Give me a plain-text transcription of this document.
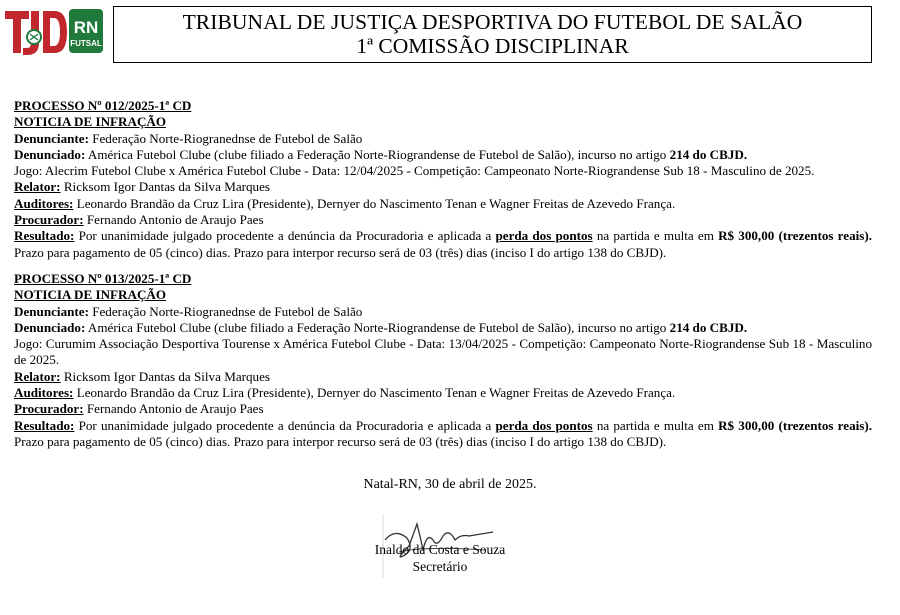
RN
FUTSAL
TRIBUNAL DE JUSTIÇA DESPORTIVA DO FUTEBOL DE SALÃO
1ª COMISSÃO DISCIPLINAR

PROCESSO Nº 012/2025-1ª CD

NOTICIA DE INFRAÇÃO

Denunciante: Federação Norte-Riogranednse de Futebol de Salão

Denunciado: América Futebol Clube (clube filiado a Federação Norte-Riograndense de Futebol de Salão), incurso no artigo 214 do CBJD.

Jogo: Alecrim Futebol Clube x América Futebol Clube - Data: 12/04/2025 - Competição: Campeonato Norte-Riograndense Sub 18 - Masculino de 2025.

Relator: Ricksom Igor Dantas da Silva Marques

Auditores: Leonardo Brandão da Cruz Lira (Presidente), Dernyer do Nascimento Tenan e Wagner Freitas de Azevedo França.

Procurador: Fernando Antonio de Araujo Paes

Resultado: Por unanimidade julgado procedente a denúncia da Procuradoria e aplicada a perda dos pontos na partida e multa em R$ 300,00 (trezentos reais). Prazo para pagamento de 05 (cinco) dias. Prazo para interpor recurso será de 03 (três) dias (inciso I do artigo 138 do CBJD).

PROCESSO Nº 013/2025-1ª CD

NOTICIA DE INFRAÇÃO

Denunciante: Federação Norte-Riogranednse de Futebol de Salão

Denunciado: América Futebol Clube (clube filiado a Federação Norte-Riograndense de Futebol de Salão), incurso no artigo 214 do CBJD.

Jogo: Curumim Associação Desportiva Tourense x América Futebol Clube - Data: 13/04/2025 - Competição: Campeonato Norte-Riograndense Sub 18 - Masculino de 2025.

Relator: Ricksom Igor Dantas da Silva Marques

Auditores: Leonardo Brandão da Cruz Lira (Presidente), Dernyer do Nascimento Tenan e Wagner Freitas de Azevedo França.

Procurador: Fernando Antonio de Araujo Paes

Resultado: Por unanimidade julgado procedente a denúncia da Procuradoria e aplicada a perda dos pontos na partida e multa em R$ 300,00 (trezentos reais). Prazo para pagamento de 05 (cinco) dias. Prazo para interpor recurso será de 03 (três) dias (inciso I do artigo 138 do CBJD).

Natal-RN, 30 de abril de 2025.

Inaldo da Costa e Souza

Secretário
